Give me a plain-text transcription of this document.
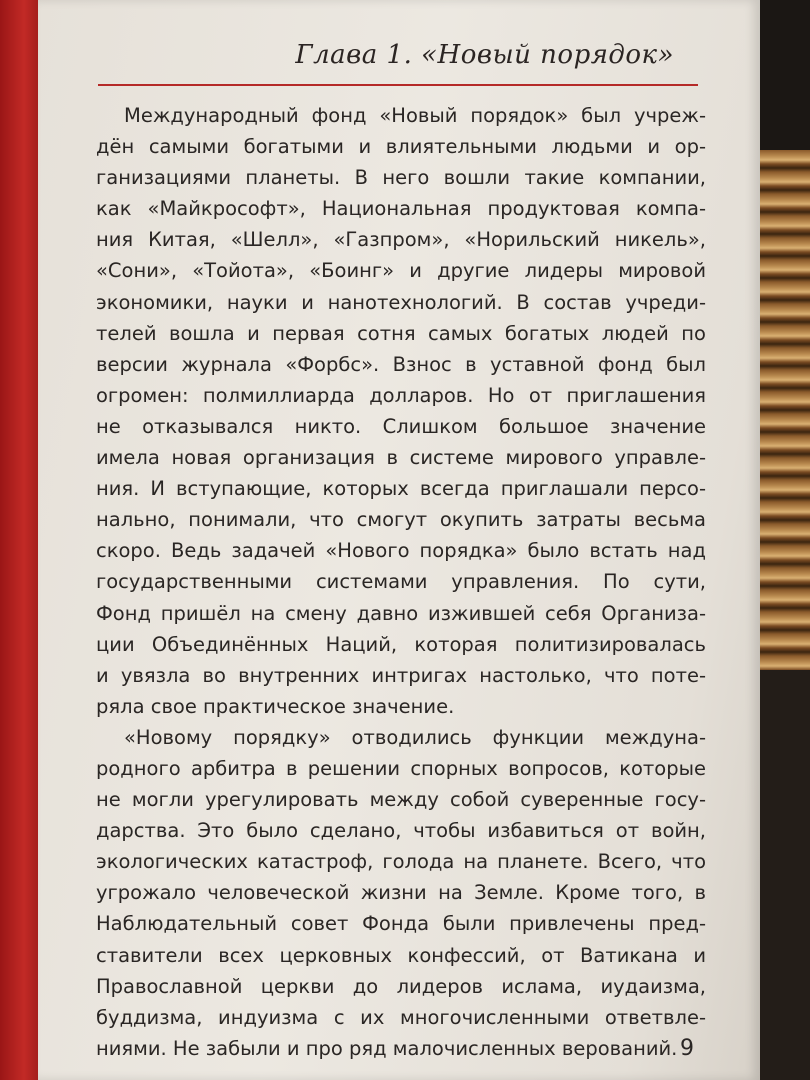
Глава 1. «Новый порядок»
Международный фонд «Новый порядок» был учреж-
дён самыми богатыми и влиятельными людьми и ор-
ганизациями планеты. В него вошли такие компании,
как «Майкрософт», Национальная продуктовая компа-
ния Китая, «Шелл», «Газпром», «Норильский никель»,
«Сони», «Тойота», «Боинг» и другие лидеры мировой
экономики, науки и нанотехнологий. В состав учреди-
телей вошла и первая сотня самых богатых людей по
версии журнала «Форбс». Взнос в уставной фонд был
огромен: полмиллиарда долларов. Но от приглашения
не отказывался никто. Слишком большое значение
имела новая организация в системе мирового управле-
ния. И вступающие, которых всегда приглашали персо-
нально, понимали, что смогут окупить затраты весьма
скоро. Ведь задачей «Нового порядка» было встать над
государственными системами управления. По сути,
Фонд пришёл на смену давно изжившей себя Организа-
ции Объединённых Наций, которая политизировалась
и увязла во внутренних интригах настолько, что поте-
ряла свое практическое значение.
«Новому порядку» отводились функции междуна-
родного арбитра в решении спорных вопросов, которые
не могли урегулировать между собой суверенные госу-
дарства. Это было сделано, чтобы избавиться от войн,
экологических катастроф, голода на планете. Всего, что
угрожало человеческой жизни на Земле. Кроме того, в
Наблюдательный совет Фонда были привлечены пред-
ставители всех церковных конфессий, от Ватикана и
Православной церкви до лидеров ислама, иудаизма,
буддизма, индуизма с их многочисленными ответвле-
ниями. Не забыли и про ряд малочисленных верований. 9
